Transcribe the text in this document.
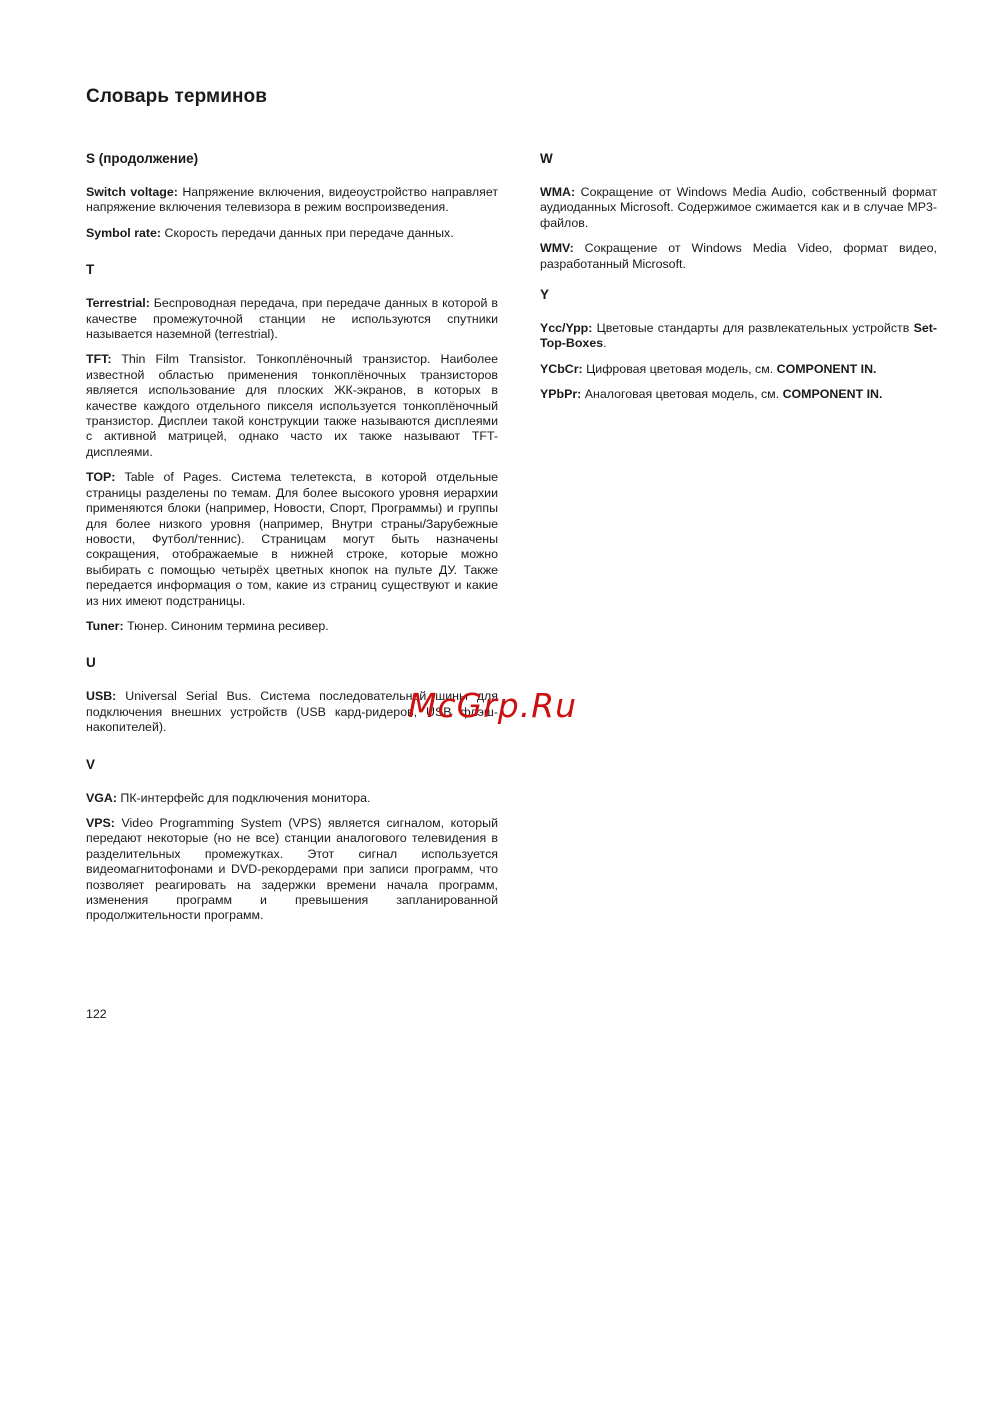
Словарь терминов

S (продолжение)

Switch voltage: Напряжение включения, видеоустройство направляет напряжение включения телевизора в режим воспроизведения.

Symbol rate: Скорость передачи данных при передаче данных.

T

Terrestrial: Беспроводная передача, при передаче данных в которой в качестве промежуточной станции не используются спутники называется наземной (terrestrial).

TFT: Thin Film Transistor. Тонкоплёночный транзистор. Наиболее известной областью применения тонкоплёночных транзисторов является использование для плоских ЖК-экранов, в которых в качестве каждого отдельного пикселя используется тонкоплёночный транзистор. Дисплеи такой конструкции также называются дисплеями с активной матрицей, однако часто их также называют TFT-дисплеями.

TOP: Table of Pages. Система телетекста, в которой отдельные страницы разделены по темам. Для более высокого уровня иерархии применяются блоки (например, Новости, Спорт, Программы) и группы для более низкого уровня (например, Внутри страны/Зарубежные новости, Футбол/теннис). Страницам могут быть назначены сокращения, отображаемые в нижней строке, которые можно выбирать с помощью четырёх цветных кнопок на пульте ДУ. Также передается информация о том, какие из страниц существуют и какие из них имеют подстраницы.

Tuner: Тюнер. Синоним термина ресивер.

U

USB: Universal Serial Bus. Система последовательной шины для подключения внешних устройств (USB кард-ридеров, USB флэш-накопителей).

V

VGA: ПК-интерфейс для подключения монитора.

VPS: Video Programming System (VPS) является сигналом, который передают некоторые (но не все) станции аналогового телевидения в разделительных промежутках. Этот сигнал используется видеомагнитофонами и DVD-рекордерами при записи программ, что позволяет реагировать на задержки времени начала программ, изменения программ и превышения запланированной продолжительности программ.

W

WMA: Сокращение от Windows Media Audio, собственный формат аудиоданных Microsoft. Содержимое сжимается как и в случае MP3-файлов.

WMV: Сокращение от Windows Media Video, формат видео, разработанный Microsoft.

Y

Ycc/Ypp: Цветовые стандарты для развлекательных устройств Set-Top-Boxes.

YCbCr: Цифровая цветовая модель, см. COMPONENT IN.

YPbPr: Аналоговая цветовая модель, см. COMPONENT IN.

McGrp.Ru
122
